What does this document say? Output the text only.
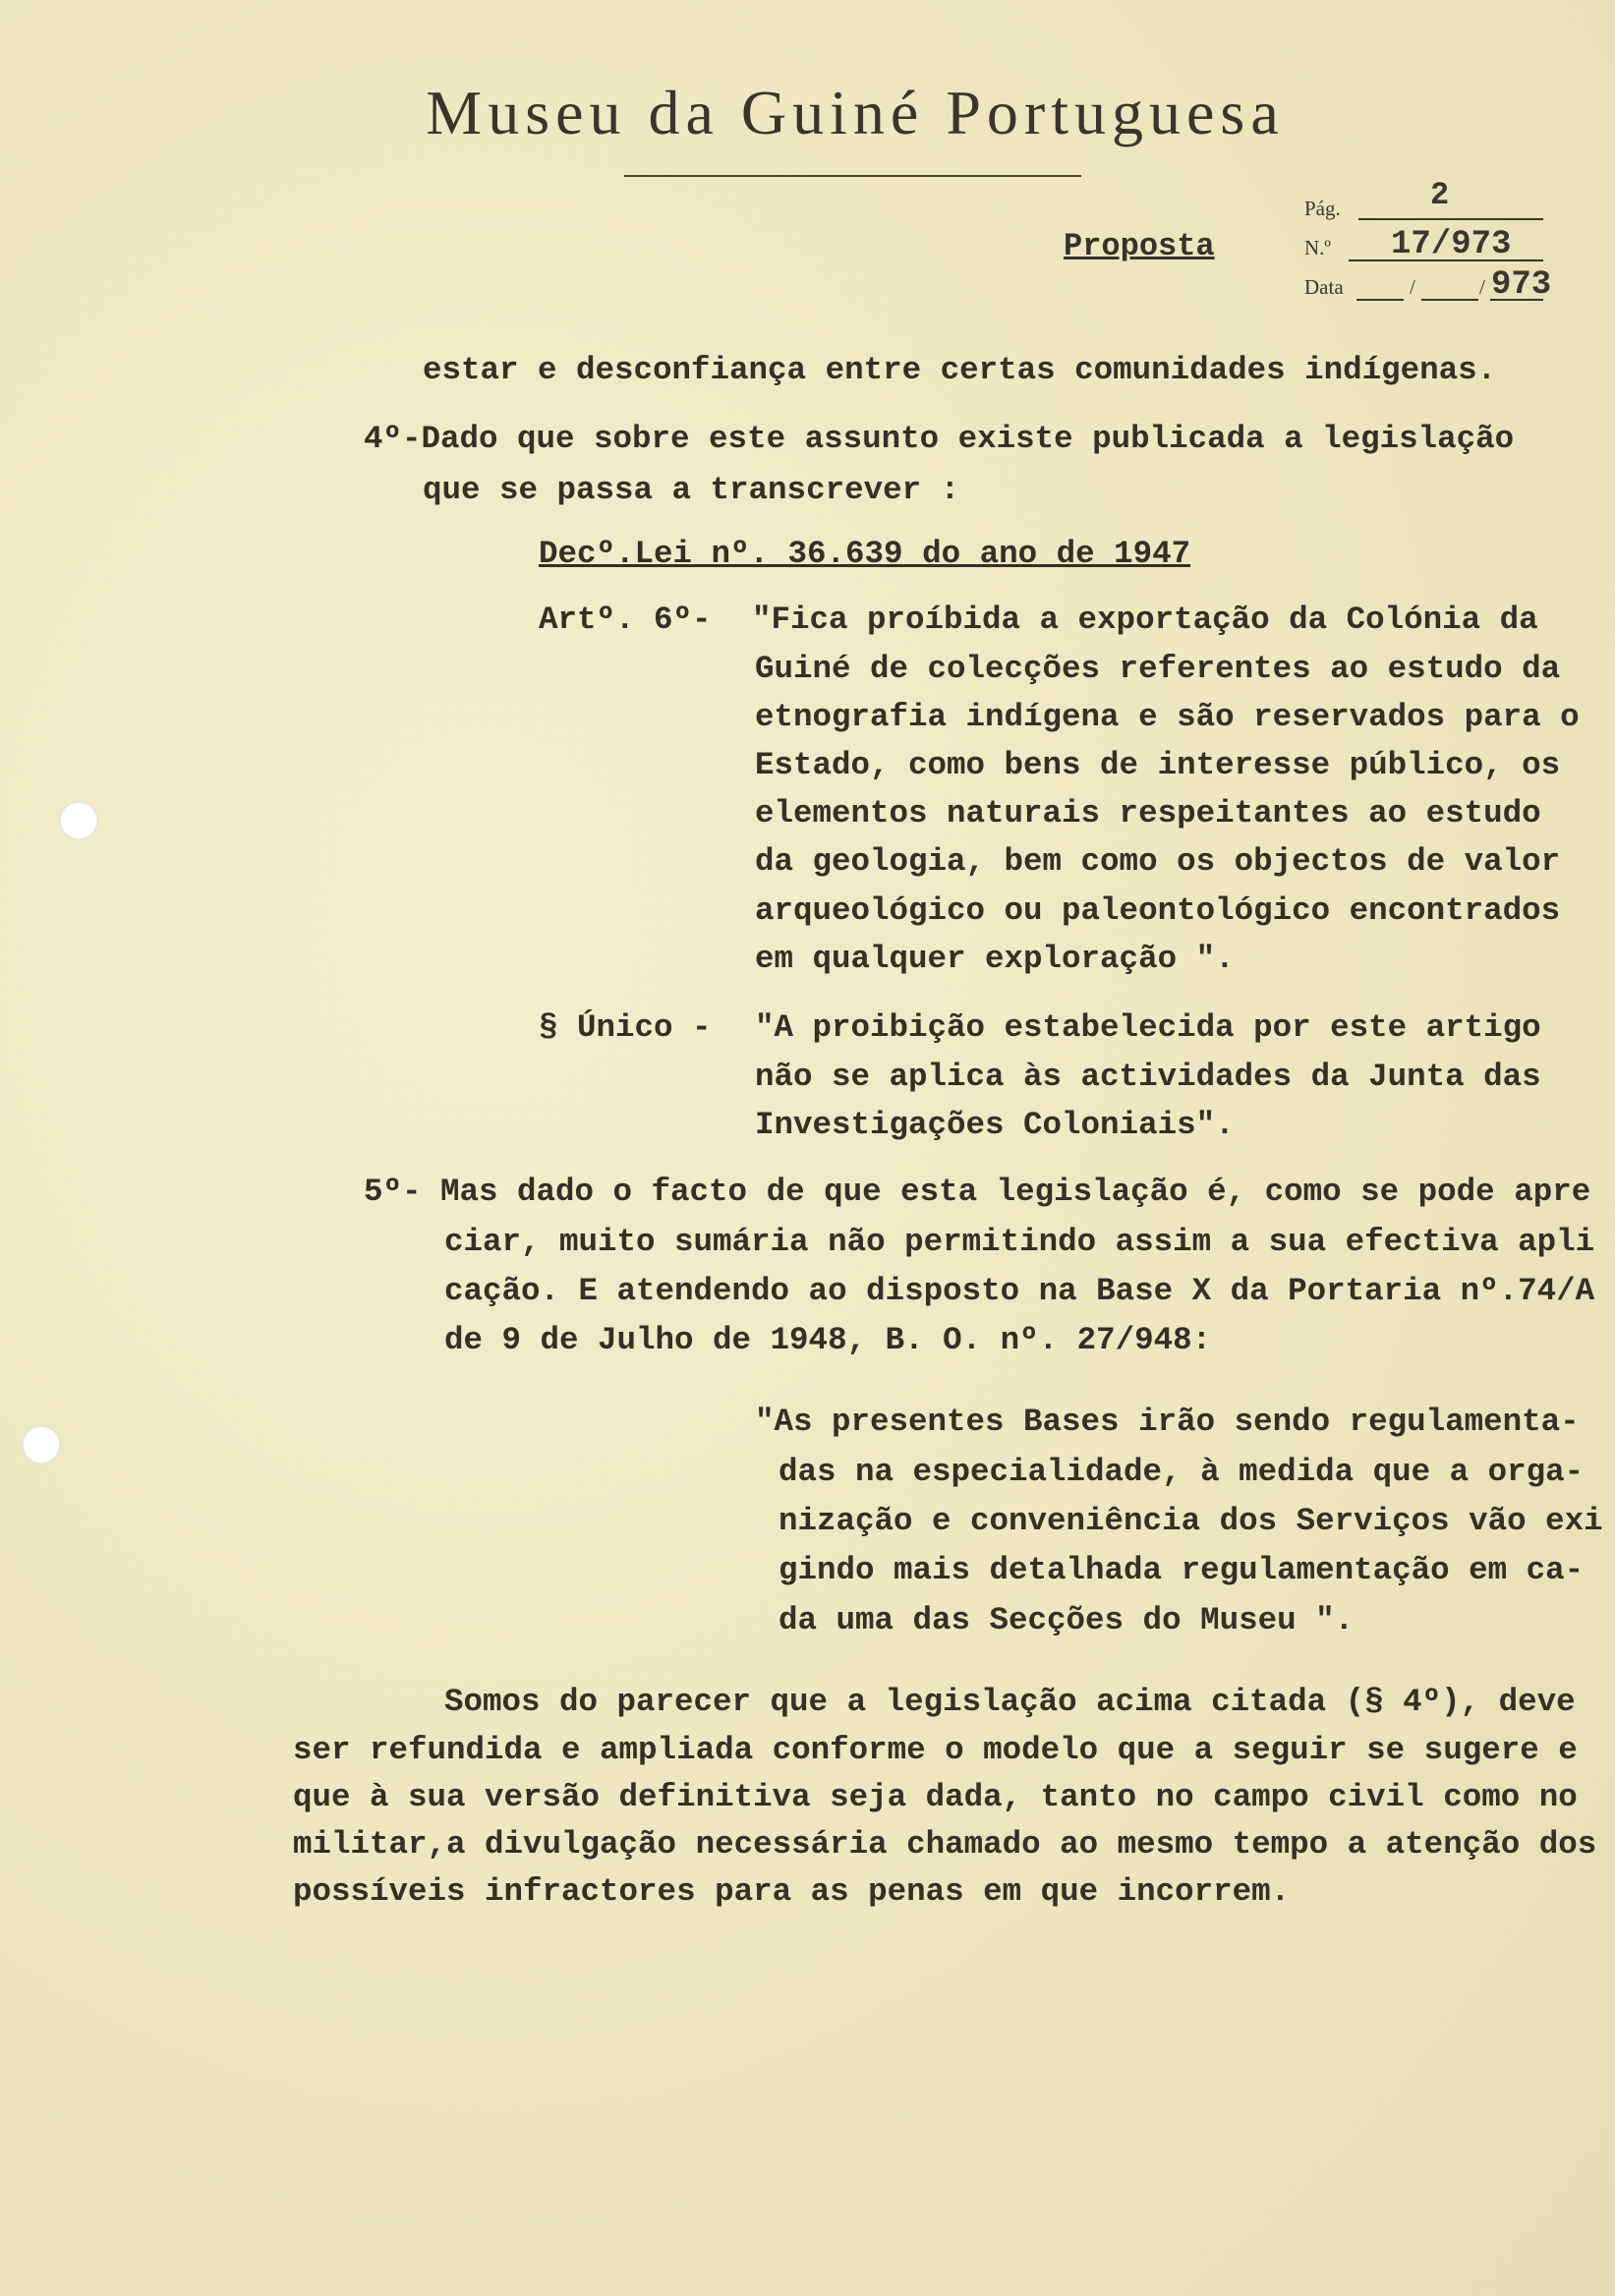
Museu da Guiné Portuguesa
Pág.	2
N.º 17/973
Data	/	/ 973
Proposta
estar e desconfiança entre certas comunidades indígenas.
4º-Dado que sobre este assunto existe publicada a legislação
que se passa a transcrever :
Decº.Lei nº. 36.639 do ano de 1947
Artº. 6º- "Fica proíbida a exportação da Colónia da
Guiné de colecções referentes ao estudo da
etnografia indígena e são reservados para o
Estado, como bens de interesse público, os
elementos naturais respeitantes ao estudo
da geologia, bem como os objectos de valor
arqueológico ou paleontológico encontrados
em qualquer exploração ".
§ Único - "A proibição estabelecida por este artigo
não se aplica às actividades da Junta das
Investigações Coloniais".
5º- Mas dado o facto de que esta legislação é, como se pode apre
ciar, muito sumária não permitindo assim a sua efectiva apli
cação. E atendendo ao disposto na Base X da Portaria nº.74/A
de 9 de Julho de 1948, B. O. nº. 27/948:
"As presentes Bases irão sendo regulamenta-
das na especialidade, à medida que a orga-
nização e conveniência dos Serviços vão exi
gindo mais detalhada regulamentação em ca-
da uma das Secções do Museu ".
Somos do parecer que a legislação acima citada (§ 4º), deve
ser refundida e ampliada conforme o modelo que a seguir se sugere e
que à sua versão definitiva seja dada, tanto no campo civil como no
militar,a divulgação necessária chamado ao mesmo tempo a atenção dos
possíveis infractores para as penas em que incorrem.
